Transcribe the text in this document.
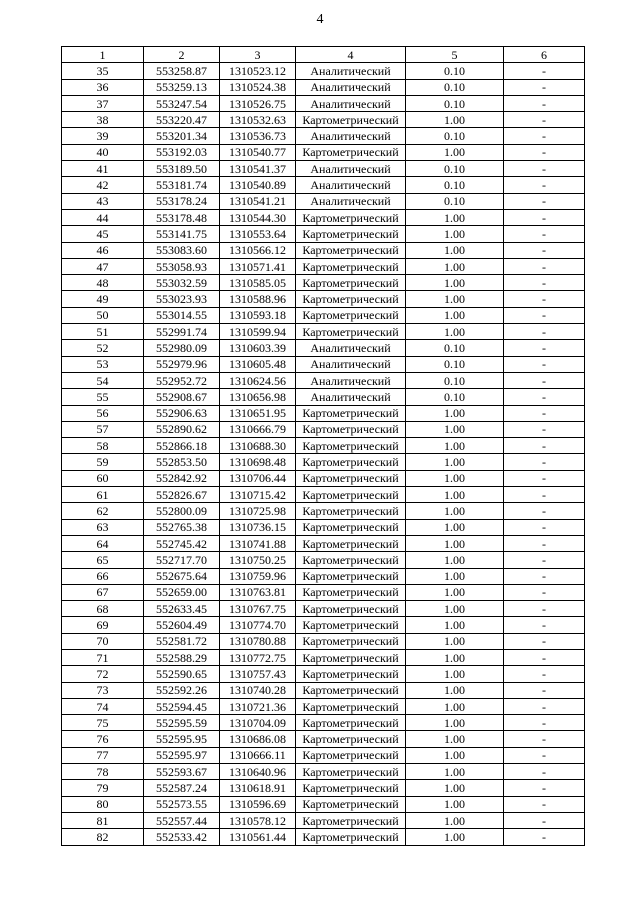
4
1	2	3	4	5	6
35	553258.87	1310523.12	Аналитический	0.10	-
36	553259.13	1310524.38	Аналитический	0.10	-
37	553247.54	1310526.75	Аналитический	0.10	-
38	553220.47	1310532.63	Картометрический	1.00	-
39	553201.34	1310536.73	Аналитический	0.10	-
40	553192.03	1310540.77	Картометрический	1.00	-
41	553189.50	1310541.37	Аналитический	0.10	-
42	553181.74	1310540.89	Аналитический	0.10	-
43	553178.24	1310541.21	Аналитический	0.10	-
44	553178.48	1310544.30	Картометрический	1.00	-
45	553141.75	1310553.64	Картометрический	1.00	-
46	553083.60	1310566.12	Картометрический	1.00	-
47	553058.93	1310571.41	Картометрический	1.00	-
48	553032.59	1310585.05	Картометрический	1.00	-
49	553023.93	1310588.96	Картометрический	1.00	-
50	553014.55	1310593.18	Картометрический	1.00	-
51	552991.74	1310599.94	Картометрический	1.00	-
52	552980.09	1310603.39	Аналитический	0.10	-
53	552979.96	1310605.48	Аналитический	0.10	-
54	552952.72	1310624.56	Аналитический	0.10	-
55	552908.67	1310656.98	Аналитический	0.10	-
56	552906.63	1310651.95	Картометрический	1.00	-
57	552890.62	1310666.79	Картометрический	1.00	-
58	552866.18	1310688.30	Картометрический	1.00	-
59	552853.50	1310698.48	Картометрический	1.00	-
60	552842.92	1310706.44	Картометрический	1.00	-
61	552826.67	1310715.42	Картометрический	1.00	-
62	552800.09	1310725.98	Картометрический	1.00	-
63	552765.38	1310736.15	Картометрический	1.00	-
64	552745.42	1310741.88	Картометрический	1.00	-
65	552717.70	1310750.25	Картометрический	1.00	-
66	552675.64	1310759.96	Картометрический	1.00	-
67	552659.00	1310763.81	Картометрический	1.00	-
68	552633.45	1310767.75	Картометрический	1.00	-
69	552604.49	1310774.70	Картометрический	1.00	-
70	552581.72	1310780.88	Картометрический	1.00	-
71	552588.29	1310772.75	Картометрический	1.00	-
72	552590.65	1310757.43	Картометрический	1.00	-
73	552592.26	1310740.28	Картометрический	1.00	-
74	552594.45	1310721.36	Картометрический	1.00	-
75	552595.59	1310704.09	Картометрический	1.00	-
76	552595.95	1310686.08	Картометрический	1.00	-
77	552595.97	1310666.11	Картометрический	1.00	-
78	552593.67	1310640.96	Картометрический	1.00	-
79	552587.24	1310618.91	Картометрический	1.00	-
80	552573.55	1310596.69	Картометрический	1.00	-
81	552557.44	1310578.12	Картометрический	1.00	-
82	552533.42	1310561.44	Картометрический	1.00	-
